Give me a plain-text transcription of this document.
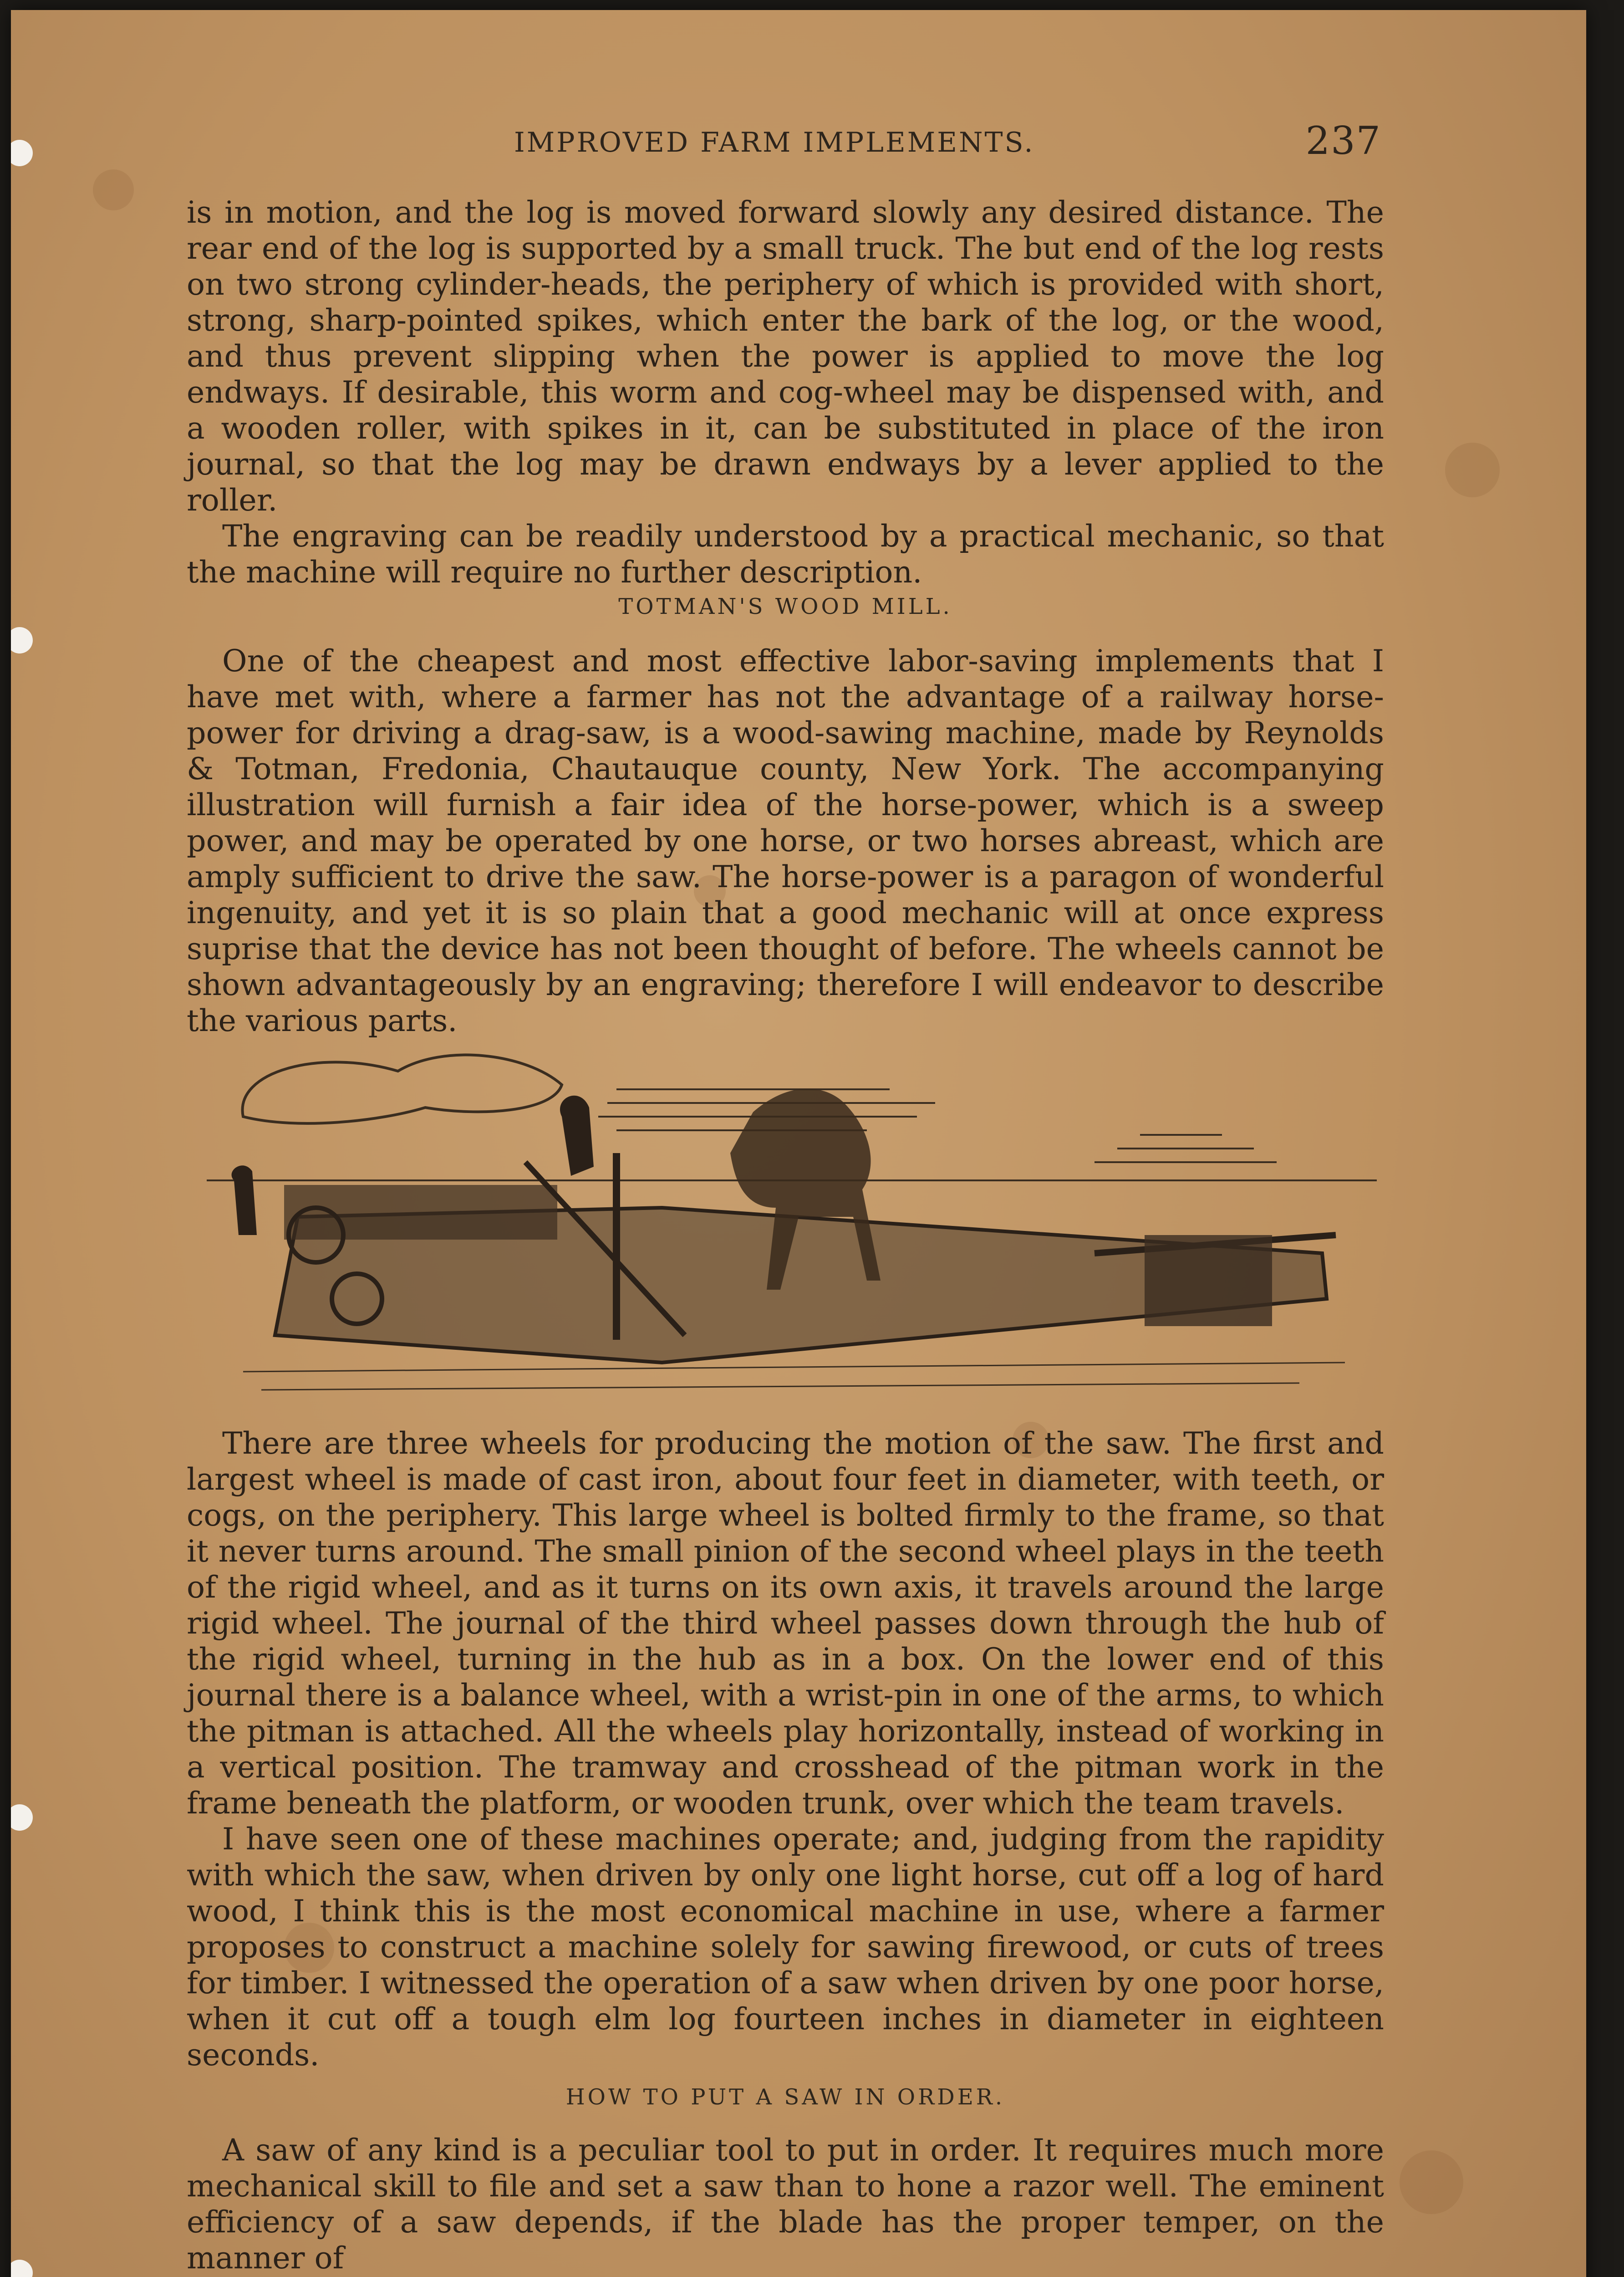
IMPROVED FARM IMPLEMENTS.	237

is in motion, and the log is moved forward slowly any desired distance. The rear end of the log is supported by a small truck. The but end of the log rests on two strong cylinder-heads, the periphery of which is provided with short, strong, sharp-pointed spikes, which enter the bark of the log, or the wood, and thus prevent slipping when the power is applied to move the log endways. If desirable, this worm and cog-wheel may be dispensed with, and a wooden roller, with spikes in it, can be substituted in place of the iron journal, so that the log may be drawn endways by a lever applied to the roller.

The engraving can be readily understood by a practical mechanic, so that the machine will require no further description.

TOTMAN'S WOOD MILL.

One of the cheapest and most effective labor-saving implements that I have met with, where a farmer has not the advantage of a railway horse-power for driving a drag-saw, is a wood-sawing machine, made by Reynolds & Totman, Fredonia, Chautauque county, New York. The accompanying illustration will furnish a fair idea of the horse-power, which is a sweep power, and may be operated by one horse, or two horses abreast, which are amply sufficient to drive the saw. The horse-power is a paragon of wonderful ingenuity, and yet it is so plain that a good mechanic will at once express suprise that the device has not been thought of before. The wheels cannot be shown advantageously by an engraving; therefore I will endeavor to describe the various parts.

There are three wheels for producing the motion of the saw. The first and largest wheel is made of cast iron, about four feet in diameter, with teeth, or cogs, on the periphery. This large wheel is bolted firmly to the frame, so that it never turns around. The small pinion of the second wheel plays in the teeth of the rigid wheel, and as it turns on its own axis, it travels around the large rigid wheel. The journal of the third wheel passes down through the hub of the rigid wheel, turning in the hub as in a box. On the lower end of this journal there is a balance wheel, with a wrist-pin in one of the arms, to which the pitman is attached. All the wheels play horizontally, instead of working in a vertical position. The tramway and crosshead of the pitman work in the frame beneath the platform, or wooden trunk, over which the team travels.

I have seen one of these machines operate; and, judging from the rapidity with which the saw, when driven by only one light horse, cut off a log of hard wood, I think this is the most economical machine in use, where a farmer proposes to construct a machine solely for sawing firewood, or cuts of trees for timber. I witnessed the operation of a saw when driven by one poor horse, when it cut off a tough elm log fourteen inches in diameter in eighteen seconds.

HOW TO PUT A SAW IN ORDER.

A saw of any kind is a peculiar tool to put in order. It requires much more mechanical skill to file and set a saw than to hone a razor well. The eminent efficiency of a saw depends, if the blade has the proper temper, on the manner of
